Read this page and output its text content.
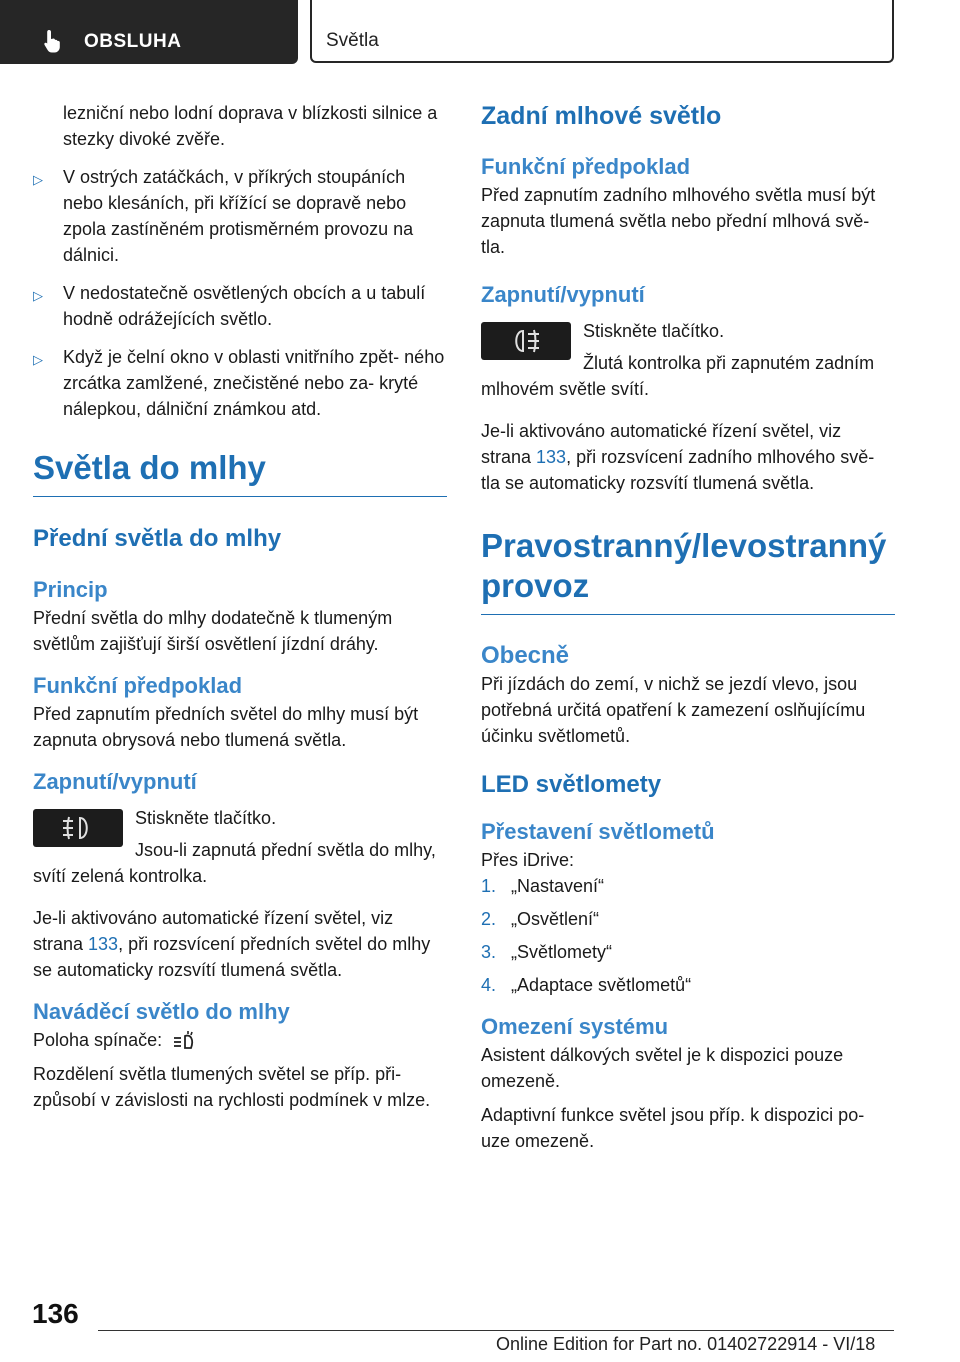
OBSLUHA	Světla
lezniční nebo lodní doprava v blízkosti silnice a stezky divoké zvěře.
▷ V ostrých zatáčkách, v příkrých stoupáních nebo klesáních, při křížící se dopravě nebo zpola zastíněném protisměrném provozu na dálnici.
▷ V nedostatečně osvětlených obcích a u tabulí hodně odrážejících světlo.
▷ Když je čelní okno v oblasti vnitřního zpět- ného zrcátka zamlžené, znečistěné nebo za- kryté nálepkou, dálniční známkou atd.
Světla do mlhy
Přední světla do mlhy
Princip

Přední světla do mlhy dodatečně k tlumeným světlům zajišťují širší osvětlení jízdní dráhy.

Funkční předpoklad

Před zapnutím předních světel do mlhy musí být zapnuta obrysová nebo tlumená světla.

Zapnutí/vypnutí

Stiskněte tlačítko.

Jsou-li zapnutá přední světla do mlhy, svítí zelená kontrolka.

Je-li aktivováno automatické řízení světel, viz strana 133, při rozsvícení předních světel do mlhy se automaticky rozsvítí tlumená světla.

Naváděcí světlo do mlhy

Poloha spínače:

Rozdělení světla tlumených světel se příp. při- způsobí v závislosti na rychlosti podmínek v mlze.

Zadní mlhové světlo
Funkční předpoklad

Před zapnutím zadního mlhového světla musí být zapnuta tlumená světla nebo přední mlhová svě- tla.

Zapnutí/vypnutí

Stiskněte tlačítko.

Žlutá kontrolka při zapnutém zadním mlhovém světle svítí.

Je-li aktivováno automatické řízení světel, viz strana 133, při rozsvícení zadního mlhového svě- tla se automaticky rozsvítí tlumená světla.

Pravostranný/levostranný provoz
Obecně

Při jízdách do zemí, v nichž se jezdí vlevo, jsou potřebná určitá opatření k zamezení oslňujícímu účinku světlometů.

LED světlomety
Přestavení světlometů

Přes iDrive:

1. „Nastavení“
2. „Osvětlení“
3. „Světlomety“
4. „Adaptace světlometů“
Omezení systému

Asistent dálkových světel je k dispozici pouze omezeně.

Adaptivní funkce světel jsou příp. k dispozici po- uze omezeně.

136
Online Edition for Part no. 01402722914 - VI/18
